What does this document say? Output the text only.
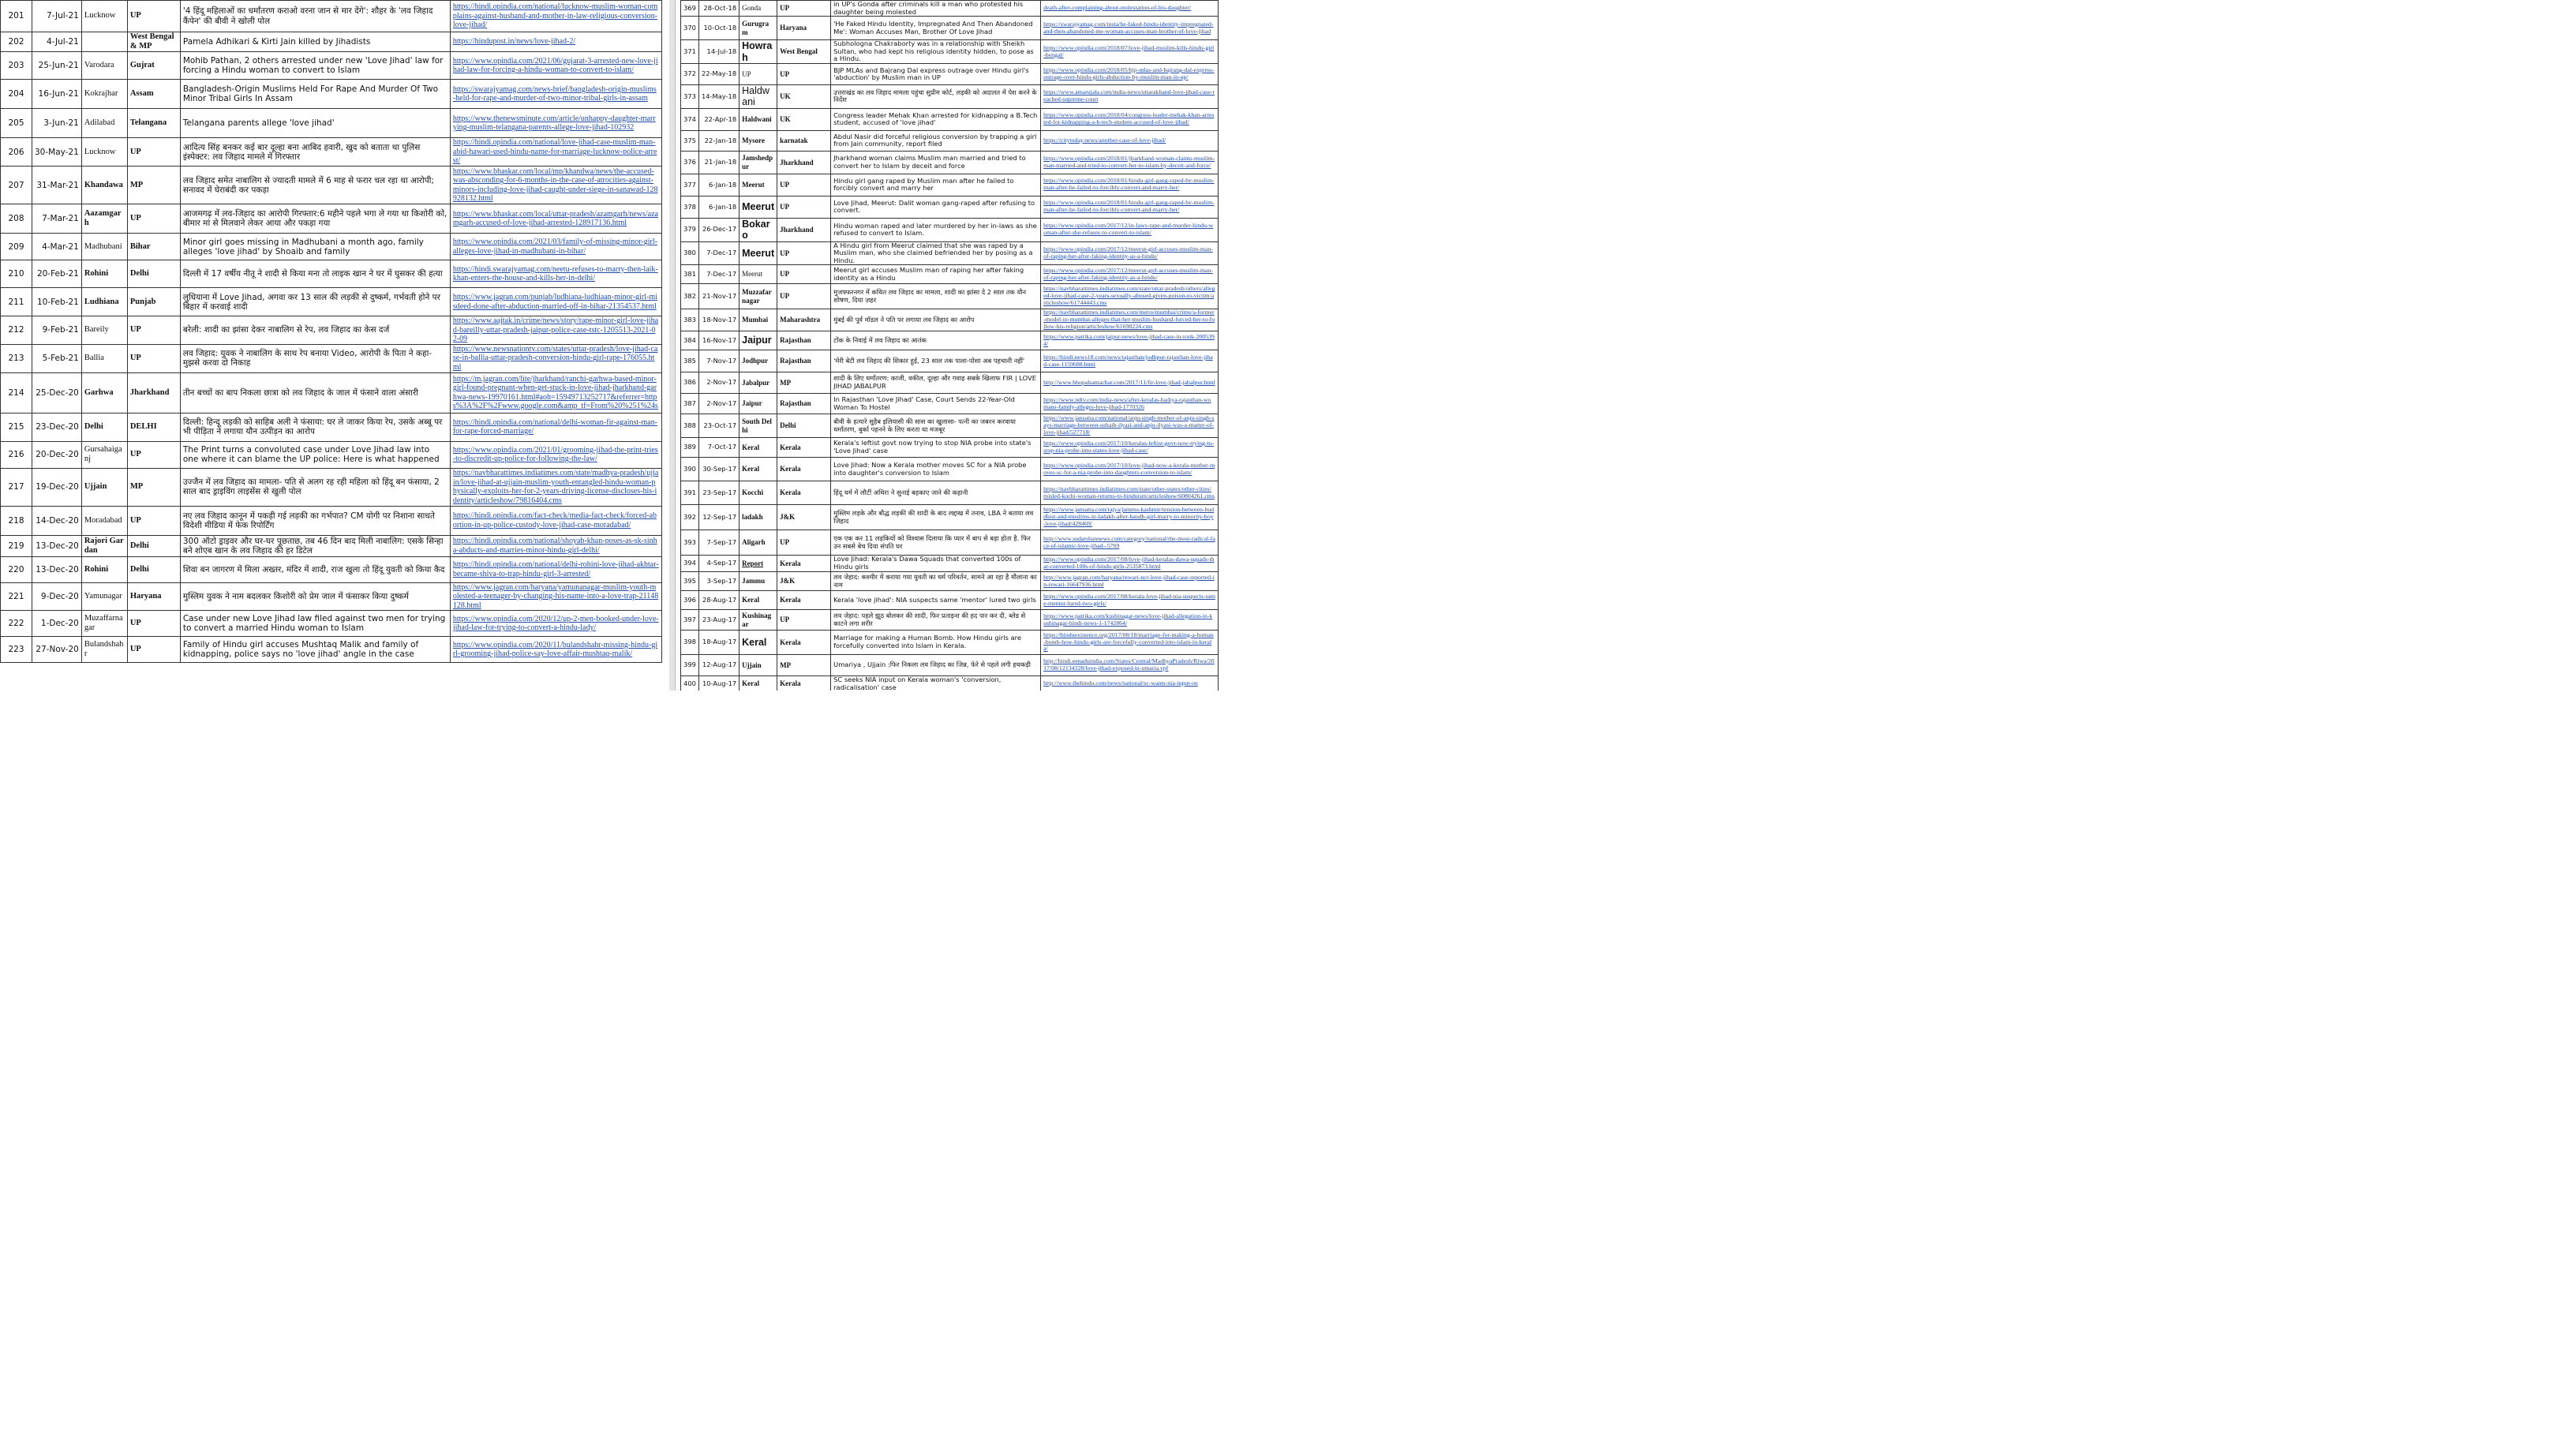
201	7-Jul-21	Lucknow	UP	'4 हिंदू महिलाओं का धर्मांतरण कराओ वरना जान से मार देंगे': शौहर के 'लव जिहाद कैंपेन' की बीवी ने खोली पोल	https://hindi.opindia.com/national/lucknow-muslim-woman-complains-against-husband-and-mother-in-law-religious-conversion-love-jihad/
202	4-Jul-21		West Bengal & MP	Pamela Adhikari & Kirti Jain killed by Jihadists	https://hindupost.in/news/love-jihad-2/
203	25-Jun-21	Varodara	Gujrat	Mohib Pathan, 2 others arrested under new 'Love Jihad' law for forcing a Hindu woman to convert to Islam	https://www.opindia.com/2021/06/gujarat-3-arrested-new-love-jihad-law-for-forcing-a-hindu-woman-to-convert-to-islam/
204	16-Jun-21	Kokrajhar	Assam	Bangladesh-Origin Muslims Held For Rape And Murder Of Two Minor Tribal Girls In Assam	https://swarajyamag.com/news-brief/bangladesh-origin-muslims-held-for-rape-and-murder-of-two-minor-tribal-girls-in-assam
205	3-Jun-21	Adilabad	Telangana	Telangana parents allege 'love jihad'	https://www.thenewsminute.com/article/unhappy-daughter-marrying-muslim-telangana-parents-allege-love-jihad-102932
206	30-May-21	Lucknow	UP	आदित्य सिंह बनकर कई बार दूल्हा बना आबिद हवारी, खुद को बताता था पुलिस इंस्पेक्टर: लव जिहाद मामले में गिरफ्तार	https://hindi.opindia.com/national/love-jihad-case-muslim-man-abid-hawari-used-hindu-name-for-marriage-lucknow-police-arrest/
207	31-Mar-21	Khandawa	MP	लव जिहाद समेत नाबालिग से ज्यादती मामले में 6 माह से फरार चल रहा था आरोपी; सनावद में घेराबंदी कर पकड़ा	https://www.bhaskar.com/local/mp/khandwa/news/the-accused-was-absconding-for-6-months-in-the-case-of-atrocities-against-minors-including-love-jihad-caught-under-siege-in-sanawad-128928132.html
208	7-Mar-21	Aazamgarh	UP	आजमगढ़ में लव-जिहाद का आरोपी गिरफ्तार:6 महीने पहले भगा ले गया था किशोरी को, बीमार मां से मिलवाने लेकर आया और पकड़ा गया	https://www.bhaskar.com/local/uttar-pradesh/azamgarh/news/azamgarh-accused-of-love-jihad-arrested-128917136.html
209	4-Mar-21	Madhubani	Bihar	Minor girl goes missing in Madhubani a month ago, family alleges 'love jihad' by Shoaib and family	https://www.opindia.com/2021/03/family-of-missing-minor-girl-alleges-love-jihad-in-madhubani-in-bihar/
210	20-Feb-21	Rohini	Delhi	दिल्ली में 17 वर्षीय नीतू ने शादी से किया मना तो लाइक खान ने घर में घुसकर की हत्या	https://hindi.swarajyamag.com/neetu-refuses-to-marry-then-laik-khan-enters-the-house-and-kills-her-in-delhi/
211	10-Feb-21	Ludhiana	Punjab	लुधियाना में Love Jihad, अगवा कर 13 साल की लड़की से दुष्कर्म, गर्भवती होने पर बिहार में करवाई शादी	https://www.jagran.com/punjab/ludhiana-ludhiaan-minor-girl-misdeed-done-after-abduction-married-off-in-bihar-21354537.html
212	9-Feb-21	Bareily	UP	बरेली: शादी का झांसा देकर नाबालिग से रेप, लव जिहाद का केस दर्ज	https://www.aajtak.in/crime/news/story/rape-minor-girl-love-jihad-bareilly-uttar-pradesh-jaipur-police-case-tstc-1205513-2021-02-09
213	5-Feb-21	Ballia	UP	लव जिहाद: युवक ने नाबालिग के साथ रेप बनाया Video, आरोपी के पिता ने कहा- मुझसे करवा दो निकाह	https://www.newsnationtv.com/states/uttar-pradesh/love-jihad-case-in-ballia-uttar-pradesh-conversion-hindu-girl-rape-176055.html
214	25-Dec-20	Garhwa	Jharkhand	तीन बच्चों का बाप निकला छात्रा को लव जिहाद के जाल में फंसाने वाला अंसारी	https://m.jagran.com/lite/jharkhand/ranchi-garhwa-based-minor-girl-found-pregnant-when-get-stuck-in-love-jihad-jharkhand-garhwa-news-19970161.html#aoh=15949713252717&referrer=https%3A%2F%2Fwww.google.com&amp_tf=From%20%251%24s
215	23-Dec-20	Delhi	DELHI	दिल्ली: हिन्दू लड़की को साहिब अली ने फंसाया: घर ले जाकर किया रेप, उसके अब्बू पर भी पीड़िता ने लगाया यौन उत्पीड़न का आरोप	https://hindi.opindia.com/national/delhi-woman-fir-against-man-for-rape-forced-marriage/
216	20-Dec-20	Gursahaiganj	UP	The Print turns a convoluted case under Love Jihad law into one where it can blame the UP police: Here is what happened	https://www.opindia.com/2021/01/grooming-jihad-the-print-tries-to-discredit-up-police-for-following-the-law/
217	19-Dec-20	Ujjain	MP	उज्जैन में लव जिहाद का मामला- पति से अलग रह रही महिला को हिंदू बन फंसाया, 2 साल बाद ड्राइविंग लाइसेंस से खुली पोल	https://navbharattimes.indiatimes.com/state/madhya-pradesh/ujjain/love-jihad-at-ujjain-muslim-youth-entangled-hindu-woman-physically-exploits-her-for-2-years-driving-license-discloses-his-identity/articleshow/79816404.cms
218	14-Dec-20	Moradabad	UP	नए लव जिहाद कानून में पकड़ी गई लड़की का गर्भपात? CM योगी पर निशाना साधते विदेशी मीडिया में फेक रिपोर्टिंग	https://hindi.opindia.com/fact-check/media-fact-check/forced-abortion-in-up-police-custody-love-jihad-case-moradabad/
219	13-Dec-20	Rajori Gardan	Delhi	300 ऑटो ड्राइवर और घर-घर पूछताछ, तब 46 दिन बाद मिली नाबालिग: एसके सिन्हा बने शोएब खान के लव जिहाद की हर डिटेल	https://hindi.opindia.com/national/shoyab-khan-poses-as-sk-sinha-abducts-and-marries-minor-hindu-girl-delhi/
220	13-Dec-20	Rohini	Delhi	शिवा बन जागरण में मिला अख्तर, मंदिर में शादी, राज खुला तो हिंदू युवती को किया कैद	https://hindi.opindia.com/national/delhi-rohini-love-jihad-akhtar-became-shiva-to-trap-hindu-girl-3-arrested/
221	9-Dec-20	Yamunagar	Haryana	मुस्लिम युवक ने नाम बदलकर किशोरी को प्रेम जाल में फंसाकर किया दुष्कर्म	https://www.jagran.com/haryana/yamunanagar-muslim-youth-molested-a-teenager-by-changing-his-name-into-a-love-trap-21148128.html
222	1-Dec-20	Muzaffarnagar	UP	Case under new Love Jihad law filed against two men for trying to convert a married Hindu woman to Islam	https://www.opindia.com/2020/12/up-2-men-booked-under-love-jihad-law-for-trying-to-convert-a-hindu-lady/
223	27-Nov-20	Bulandshahr	UP	Family of Hindu girl accuses Mushtaq Malik and family of kidnapping, police says no 'love jihad' angle in the case	https://www.opindia.com/2020/11/bulandshahr-missing-hindu-girl-grooming-jihad-police-say-love-affair-mushtaq-malik/
369	28-Oct-18	Gonda	UP	in UP's Gonda after criminals kill a man who protested his daughter being molested	death-after-complaining-about-molestation-of-his-daughter/
370	10-Oct-18	Gurugram	Haryana	'He Faked Hindu Identity, Impregnated And Then Abandoned Me': Woman Accuses Man, Brother Of Love Jihad	https://swarajyamag.com/insta/he-faked-hindu-identity-impregnated-and-then-abandoned-me-woman-accuses-man-brother-of-love-jihad
371	14-Jul-18	Howrah	West Bengal	Subhologna Chakraborty was in a relationship with Sheikh Sultan, who had kept his religious identity hidden, to pose as a Hindu.	https://www.opindia.com/2018/07/love-jihad-muslim-kills-hindu-girl-bengal/
372	22-May-18	UP	UP	BJP MLAs and Bajrang Dal express outrage over Hindu girl's 'abduction' by Muslim man in UP	https://www.opindia.com/2018/05/bjp-mlas-and-bajrang-dal-express-outrage-over-hindu-girls-abduction-by-muslim-man-in-up/
373	14-May-18	Haldwani	UK	उत्तराखंड का लव जिहाद मामला पहुंचा सुप्रीम कोर्ट, लड़की को अदालत में पेश करने के निर्देश	https://www.amarujala.com/india-news/uttarakhand-love-jihad-case-reached-supreme-court
374	22-Apr-18	Haldwani	UK	Congress leader Mehak Khan arrested for kidnapping a B.Tech student, accused of 'love jihad'	https://www.opindia.com/2018/04/congress-leader-mehak-khan-arrested-for-kidnapping-a-b-tech-student-accused-of-love-jihad/
375	22-Jan-18	Mysore	karnatak	Abdul Nasir did forceful religious conversion by trapping a girl from Jain community, report filed	https://citytoday.news/another-case-of-love-jihad/
376	21-Jan-18	Jamshedpur	Jharkhand	Jharkhand woman claims Muslim man married and tried to convert her to Islam by deceit and force	https://www.opindia.com/2018/01/jharkhand-woman-claims-muslim-man-married-and-tried-to-convert-her-to-islam-by-deceit-and-force/
377	6-Jan-18	Meerut	UP	Hindu girl gang raped by Muslim man after he failed to forcibly convert and marry her	https://www.opindia.com/2018/01/hindu-girl-gang-raped-by-muslim-man-after-he-failed-to-forcibly-convert-and-marry-her/
378	6-Jan-18	Meerut	UP	Love Jihad, Meerut: Dalit woman gang-raped after refusing to convert.	https://www.opindia.com/2018/01/hindu-girl-gang-raped-by-muslim-man-after-he-failed-to-forcibly-convert-and-marry-her/
379	26-Dec-17	Bokaro	Jharkhand	Hindu woman raped and later murdered by her in-laws as she refused to convert to Islam.	https://www.opindia.com/2017/12/in-laws-rape-and-murder-hindu-woman-after-she-refuses-to-convert-to-islam/
380	7-Dec-17	Meerut	UP	A Hindu girl from Meerut claimed that she was raped by a Muslim man, who she claimed befriended her by posing as a Hindu.	https://www.opindia.com/2017/12/meerut-girl-accuses-muslim-man-of-raping-her-after-faking-identity-as-a-hindu/
381	7-Dec-17	Meerut	UP	Meerut girl accuses Muslim man of raping her after faking identity as a Hindu	https://www.opindia.com/2017/12/meerut-girl-accuses-muslim-man-of-raping-her-after-faking-identity-as-a-hindu/
382	21-Nov-17	Muzzafarnagar	UP	मुजफ्फरनगर में कथित लव जिहाद का मामला, शादी का झांसा दे 2 साल तक यौन शोषण, दिया ज़हर	https://navbharattimes.indiatimes.com/state/uttar-pradesh/others/alleged-love-jihad-case-2-years-sexually-abused-given-poison-to-victim/articleshow/61744443.cms
383	18-Nov-17	Mumbai	Maharashtra	मुंबई की पूर्व मॉडल ने पति पर लगाया लव जिहाद का आरोप	https://navbharattimes.indiatimes.com/metro/mumbai/crime/a-former-model-in-mumbai-alleges-that-her-muslim-husband-forced-her-to-follow-his-religion/articleshow/61698224.cms
384	16-Nov-17	Jaipur	Rajasthan	टोंक के निवाई में लव जिहाद का आतंक	https://www.patrika.com/jaipur-news/love-jihad-case-in-tonk-2005394/
385	7-Nov-17	Jodhpur	Rajasthan	'मेरी बेटी लव जिहाद की शिकार हुई, 23 साल तक पाला-पोसा अब पहचानी नहीं'	https://hindi.news18.com/news/rajasthan/jodhpur-rajasthan-love-jihad-case-1159688.html
386	2-Nov-17	Jabalpur	MP	शादी के लिए धर्मांतरण: काजी, वकील, दूल्हा और गवाह सबके खिलाफ FIR | LOVE JIHAD JABALPUR	http://www.bhopalsamachar.com/2017/11/fir-love-jihad-jabalpur.html
387	2-Nov-17	Jaipur	Rajasthan	In Rajasthan 'Love Jihad' Case, Court Sends 22-Year-Old Woman To Hostel	https://www.ndtv.com/india-news/after-keralas-hadiya-rajasthan-womans-family-alleges-love-jihad-1770326
388	23-Oct-17	South Delhi	Delhi	बीवी के हत्यारे सुहैब इलियासी की सास का खुलासा- पत्नी का जबरन करवाया धर्मांतरण, बुर्का पहनने के लिए करता था मजबूर	https://www.jansatta.com/national/anju-singh-mother-of-anju-singh-says-marriage-between-suhaib-ilyasi-and-anju-ilyasi-was-a-matter-of-love-jihad/527718/
389	7-Oct-17	Keral	Kerala	Kerala's leftist govt now trying to stop NIA probe into state's 'Love Jihad' case	https://www.opindia.com/2017/10/keralas-leftist-govt-now-trying-to-stop-nia-probe-into-states-love-jihad-case/
390	30-Sep-17	Keral	Kerala	Love Jihad: Now a Kerala mother moves SC for a NIA probe into daughter's conversion to Islam	https://www.opindia.com/2017/10/love-jihad-now-a-kerala-mother-moves-sc-for-a-nia-probe-into-daughters-conversion-to-islam/
391	23-Sep-17	Kocchi	Kerala	हिंदू धर्म में लौटीं अथिरा ने सुनाई बहकाए जाने की कहानी	https://navbharattimes.indiatimes.com/state/other-states/other-cities/misled-kochi-woman-returns-to-hinduism/articleshow/60804261.cms
392	12-Sep-17	ladakh	J&K	मुस्लिम लड़के और बौद्ध लड़की की शादी के बाद लद्दाख में तनाव, LBA ने बताया लव जिहाद	https://www.jansatta.com/rajya/jammu-kashmir/tension-between-buddhist-and-muslims-in-ladakh-after-baudh-girl-marry-to-minority-boy-love-jihad/428469/
393	7-Sep-17	Aligarh	UP	एक एक कर 11 लड़कियों को विश्वास दिलाया कि प्यार में बाप से बड़ा होता है. फिर उन सबसे बेच दिया संपति घर	http://www.sudarshannews.com/category/national/the-most-radical-face-of-islamic-love-jihad--5769
394	4-Sep-17	Report	Kerala	Love Jihad: Kerala's Dawa Squads that converted 100s of Hindu girls	https://www.opindia.com/2017/08/love-jihad-keralas-dawa-squads-that-converted-100s-of-hindu-girls-2535873.html
395	3-Sep-17	Jammu	J&K	लव जेहाद: कश्मीर में कराया गया युवती का धर्म परिवर्तन, सामने आ रहा है मौलाना का नाम	http://www.jagran.com/haryana/rewari-ncr-love-jihad-case-reported-in-rewari-16647936.html
396	28-Aug-17	Keral	Kerala	Kerala 'love jihad': NIA suspects same 'mentor' lured two girls	https://www.opindia.com/2017/08/kerala-love-jihad-nia-suspects-same-mentor-lured-two-girls/
397	23-Aug-17	Kushinagar	UP	लव जेहाद: पहले झूठ बोलकर की शादी, फिर प्रताड़ना की हद पार कर दी, ब्लेड से काटने लगा शरीर	https://www.patrika.com/kushinagar-news/love-jihad-allegation-in-kushinagar-hindi-news-1-1742864/
398	18-Aug-17	Keral	Kerala	Marriage for making a Human Bomb. How Hindu girls are forcefully converted into Islam in Kerala.	https://hinduexistence.org/2017/08/18/marriage-for-making-a-human-bomb-how-hindu-girls-are-forcefully-converted-into-islam-in-kerala/
399	12-Aug-17	Ujjain	MP	Umariya , Ujjain :फिर निकला लव जिहाद का जिन्न, फेरे से पहले लगी हथकड़ी	http://hindi.eenaduindia.com/States/Central/MadhyaPradesh/Riwa/2017/08/12134328/love-jihad-exposed-in-umaria.vpf
400	10-Aug-17	Keral	Kerala	SC seeks NIA input on Kerala woman's 'conversion, radicalisation' case	http://www.thehindu.com/news/national/sc-wants-nia-input-on
